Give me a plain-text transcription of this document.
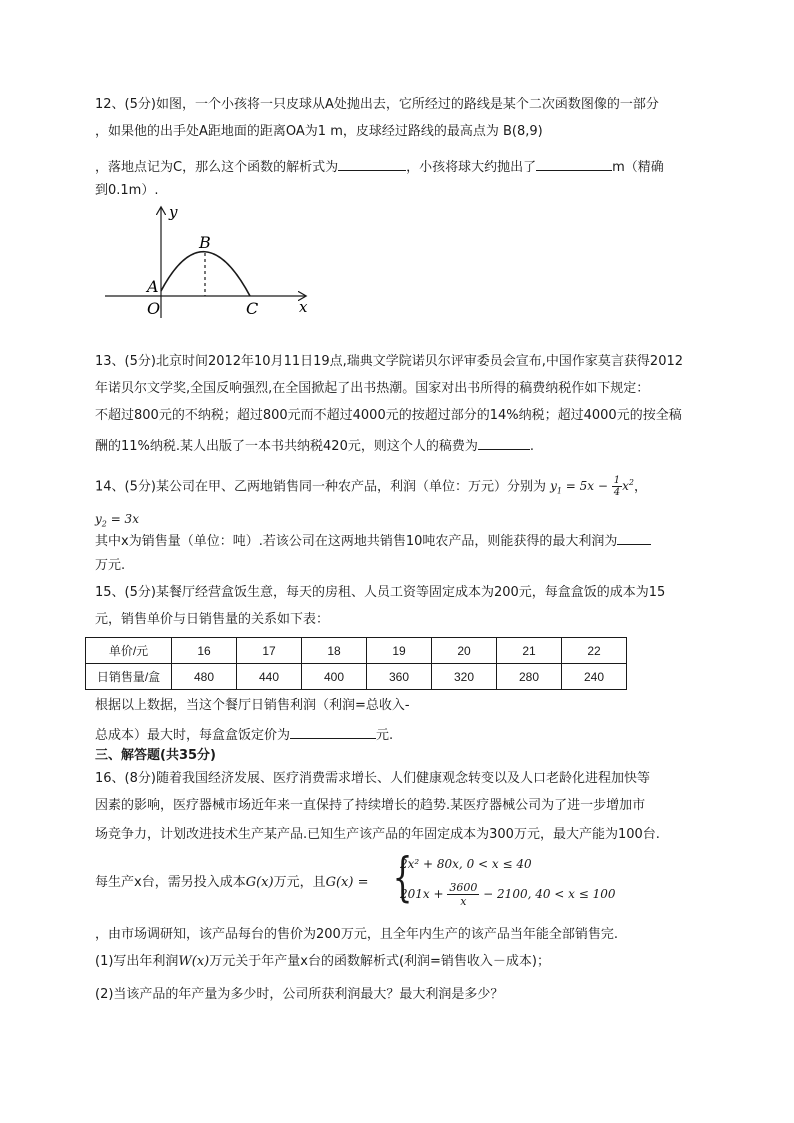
12、(5分)如图，一个小孩将一只皮球从A处抛出去，它所经过的路线是某个二次函数图像的一部分
，如果他的出手处A距地面的距离OA为1 m，皮球经过路线的最高点为 B(8,9)
，落地点记为C，那么这个函数的解析式为	，小孩将球大约抛出了	m（精确
到0.1m）.
y
x
B
A
O	C
13、(5分)北京时间2012年10月11日19点,瑞典文学院诺贝尔评审委员会宣布,中国作家莫言获得2012
年诺贝尔文学奖,全国反响强烈,在全国掀起了出书热潮。国家对出书所得的稿费纳税作如下规定：
不超过800元的不纳税；超过800元而不超过4000元的按超过部分的14%纳税；超过4000元的按全稿
酬的11%纳税.某人出版了一本书共纳税420元，则这个人的稿费为	.
14、(5分)某公司在甲、乙两地销售同一种农产品，利润（单位：万元）分别为 $y_1 = 5x - \frac{1}{4} x^2$，
$y_2 = 3x$
其中x为销售量（单位：吨）.若该公司在这两地共销售10吨农产品，则能获得的最大利润为
万元.
15、(5分)某餐厅经营盒饭生意，每天的房租、人员工资等固定成本为200元，每盒盒饭的成本为15
元，销售单价与日销售量的关系如下表：
单价/元	16	17	18	19	20	21	22
日销售量/盒	480	440	400	360	320	280	240
根据以上数据，当这个餐厅日销售利润（利润=总收入-
总成本）最大时，每盒盒饭定价为	元.
三、解答题(共35分)
16、(8分)随着我国经济发展、医疗消费需求增长、人们健康观念转变以及人口老龄化进程加快等
因素的影响，医疗器械市场近年来一直保持了持续增长的趋势.某医疗器械公司为了进一步增加市
场竞争力，计划改进技术生产某产品.已知生产该产品的年固定成本为300万元，最大产能为100台.
每生产x台，需另投入成本G(x)万元，且G(x) = {
2x² + 80x, 0 < x ≤ 40
$201x + \frac{3600}{x} - 2100$, 40 < x ≤ 100
，由市场调研知，该产品每台的售价为200万元，且全年内生产的该产品当年能全部销售完.
(1)写出年利润W(x)万元关于年产量x台的函数解析式(利润=销售收入－成本)；
(2)当该产品的年产量为多少时，公司所获利润最大？最大利润是多少？
